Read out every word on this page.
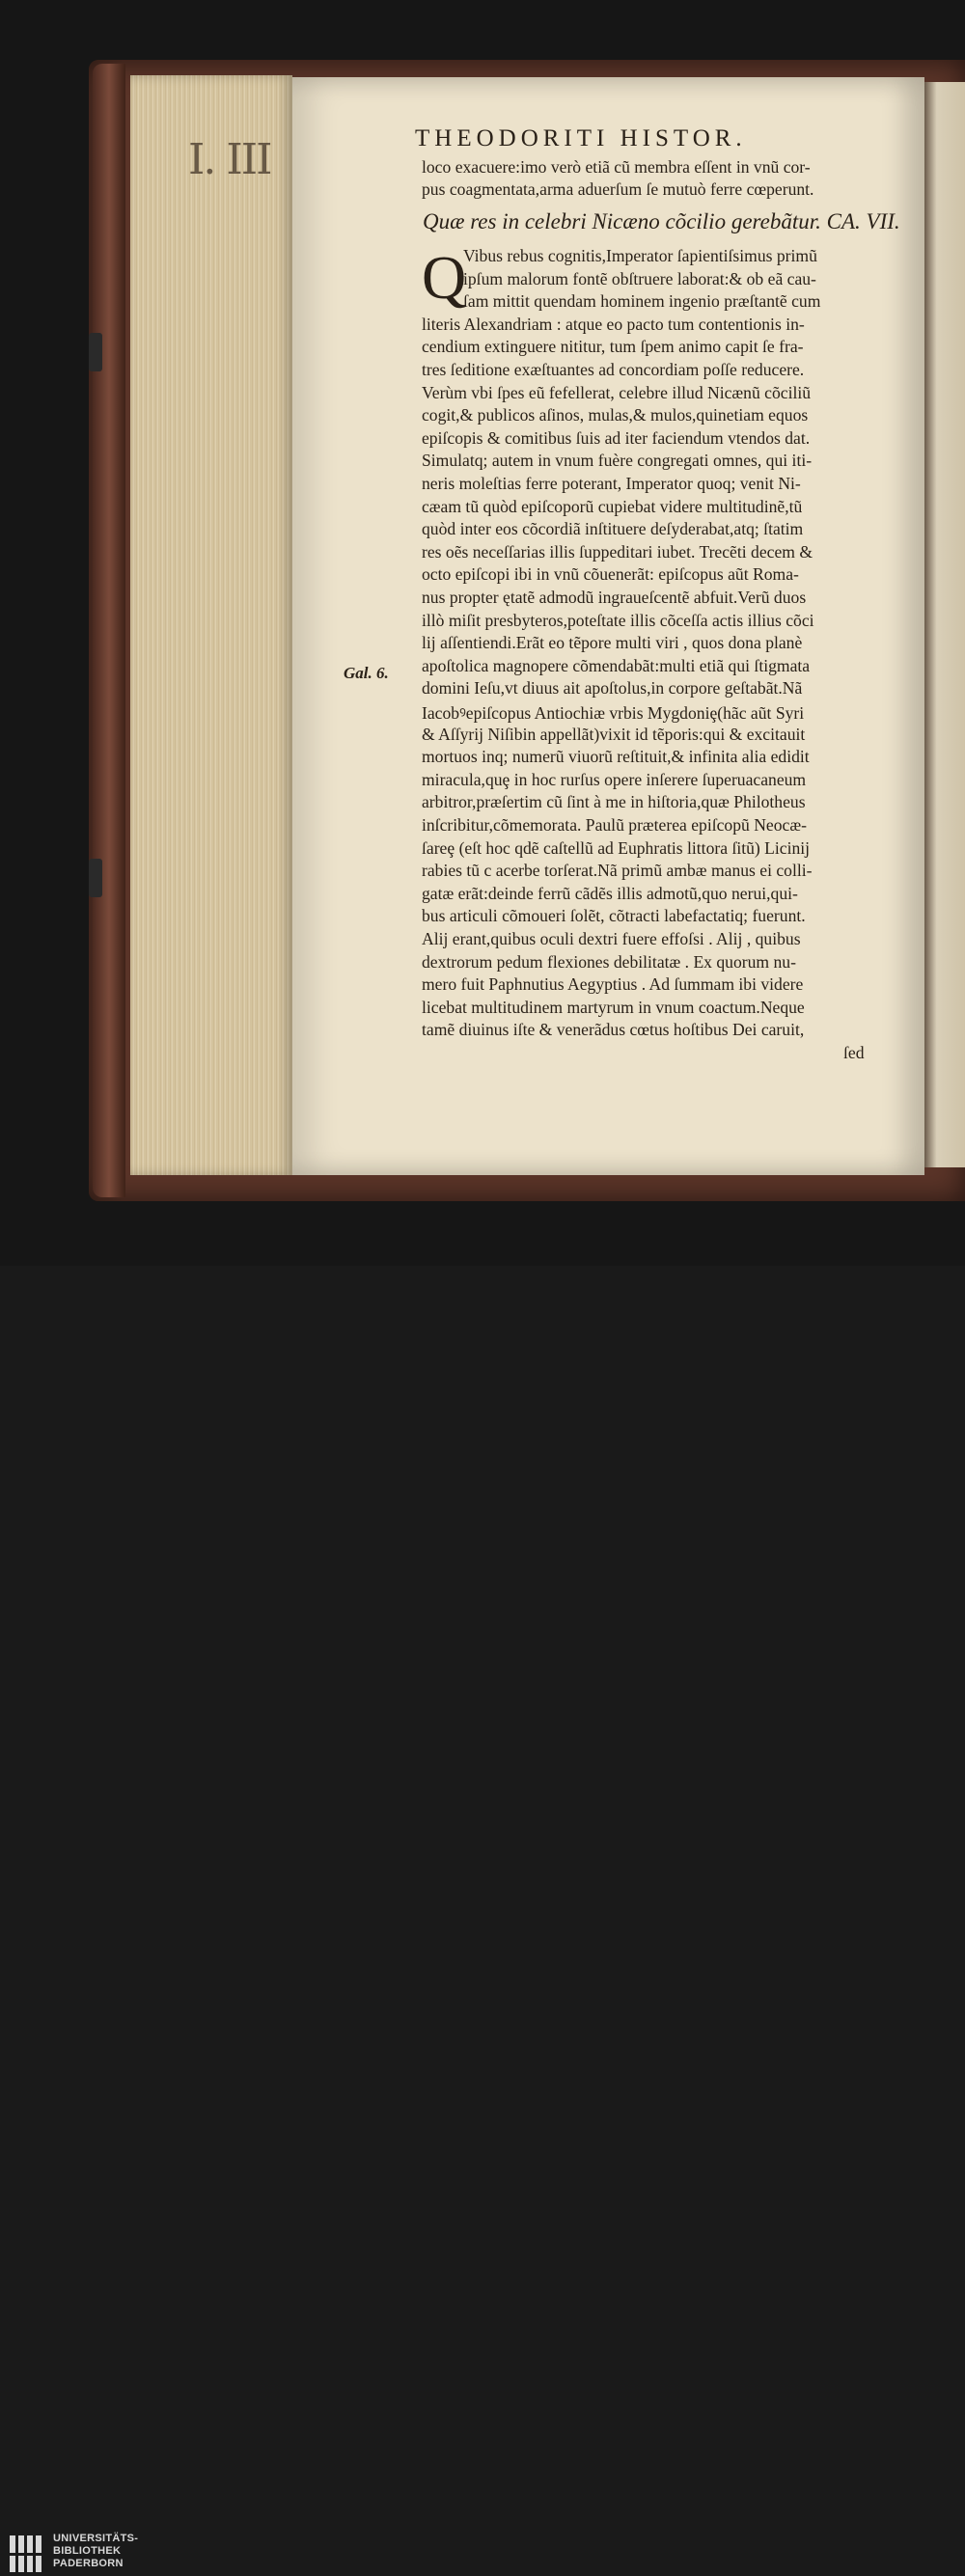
I. III	THEODORITI HISTOR.
loco exacuere:imo verò etiã cũ membra eſſent in vnũ cor-
pus coagmentata,arma aduerſum ſe mutuò ferre cœperunt.
Quæ res in celebri Nicæno cõcilio gerebãtur. CA. VII.
Q
Vibus rebus cognitis,Imperator ſapientiſsimus primũ
ipſum malorum fontẽ obſtruere laborat:& ob eã cau-
ſam mittit quendam hominem ingenio præſtantẽ cum
literis Alexandriam : atque eo pacto tum contentionis in-
cendium extinguere nititur, tum ſpem animo capit ſe fra-
tres ſeditione exæſtuantes ad concordiam poſſe reducere.
Verùm vbi ſpes eũ fefellerat, celebre illud Nicænũ cõciliũ
cogit,& publicos aſinos, mulas,& mulos,quinetiam equos
epiſcopis & comitibus ſuis ad iter faciendum vtendos dat.
Simulatq; autem in vnum fuère congregati omnes, qui iti-
neris moleſtias ferre poterant, Imperator quoq; venit Ni-
cæam tũ quòd epiſcoporũ cupiebat videre multitudinẽ,tũ
quòd inter eos cõcordiã inſtituere deſyderabat,atq; ſtatim
res oẽs neceſſarias illis ſuppeditari iubet. Trecẽti decem &
octo epiſcopi ibi in vnũ cõuenerãt: epiſcopus aũt Roma-
nus propter ętatẽ admodũ ingraueſcentẽ abfuit.Verũ duos
illò miſit presbyteros,poteſtate illis cõceſſa actis illius cõci
lij aſſentiendi.Erãt eo tẽpore multi viri , quos dona planè
apoſtolica magnopere cõmendabãt:multi etiã qui ſtigmata
domini Ieſu,vt diuus ait apoſtolus,in corpore geſtabãt.Nã
Iacobꝰepiſcopus Antiochiæ vrbis Mygdoniȩ(hãc aũt Syri
& Aſſyrij Niſibin appellãt)vixit id tẽporis:qui & excitauit
mortuos inq; numerũ viuorũ reſtituit,& infinita alia edidit
miracula,quȩ in hoc rurſus opere inſerere ſuperuacaneum
arbitror,præſertim cũ ſint à me in hiſtoria,quæ Philotheus
inſcribitur,cõmemorata. Paulũ præterea epiſcopũ Neocæ-
ſareȩ (eſt hoc qdẽ caſtellũ ad Euphratis littora ſitũ) Licinij
rabies tũ c acerbe torſerat.Nã primũ ambæ manus ei colli-
gatæ erãt:deinde ferrũ cãdẽs illis admotũ,quo nerui,qui-
bus articuli cõmoueri ſolẽt, cõtracti labefactatiq; fuerunt.
Alij erant,quibus oculi dextri fuere effoſsi . Alij , quibus
dextrorum pedum flexiones debilitatæ . Ex quorum nu-
mero fuit Paphnutius Aegyptius . Ad ſummam ibi videre
licebat multitudinem martyrum in vnum coactum.Neque
tamẽ diuinus iſte & venerãdus cœtus hoſtibus Dei caruit,
ſed
Gal. 6.
UNIVERSITÄTS-
BIBLIOTHEK
PADERBORN
